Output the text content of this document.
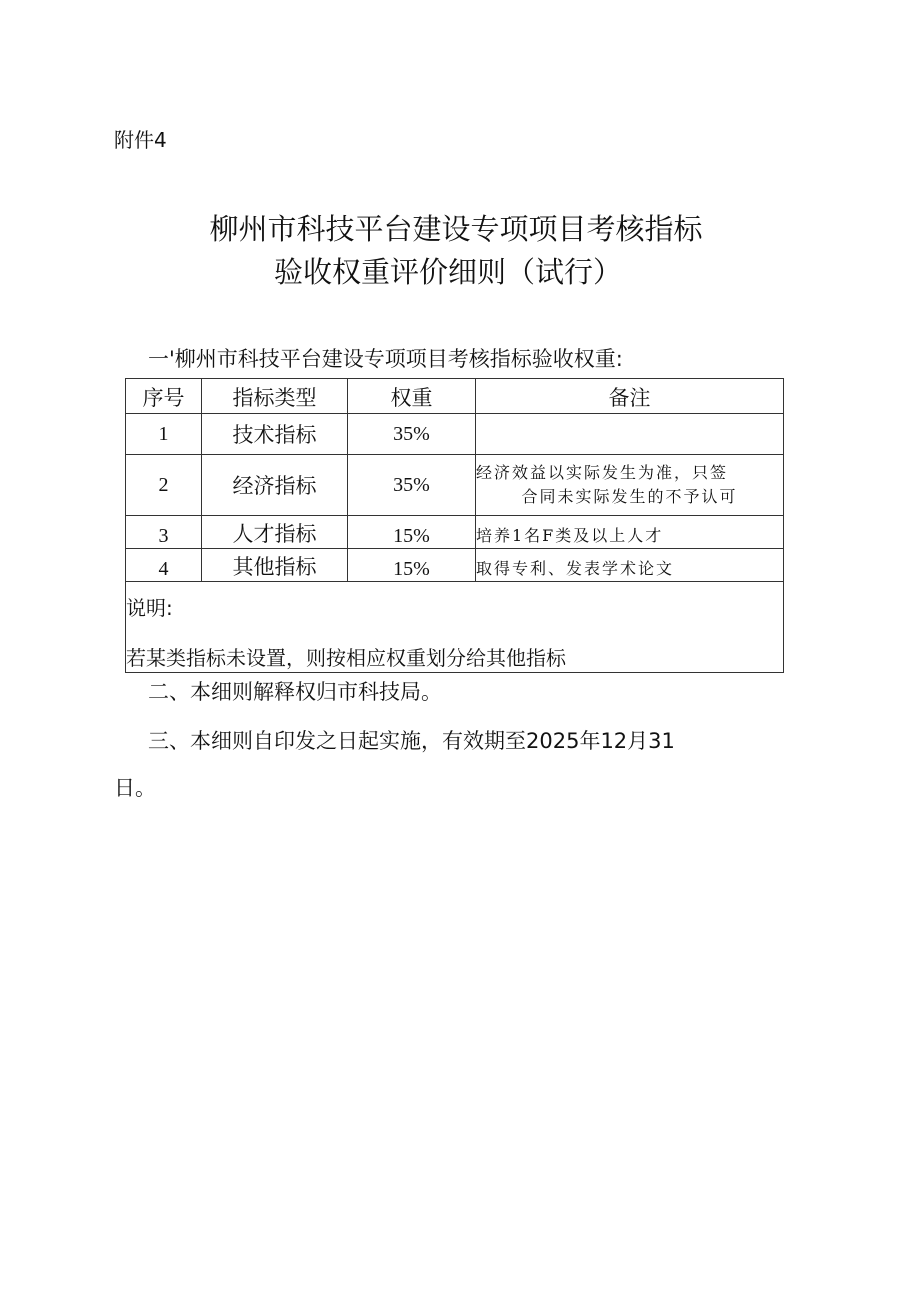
附件4
柳州市科技平台建设专项项目考核指标
验收权重评价细则（试行）
一'柳州市科技平台建设专项项目考核指标验收权重:
序号	指标类型	权重	备注
1	技术指标	35%	
2	经济指标	35%	经济效益以实际发生为准，只签
合同未实际发生的不予认可

3	人才指标	15%	培养1名F类及以上人才
4	其他指标	15%	取得专利、发表学术论文

说明:
若某类指标未设置，则按相应权重划分给其他指标			
二、本细则解释权归市科技局。
三、本细则自印发之日起实施，有效期至2025年12月31
日。
